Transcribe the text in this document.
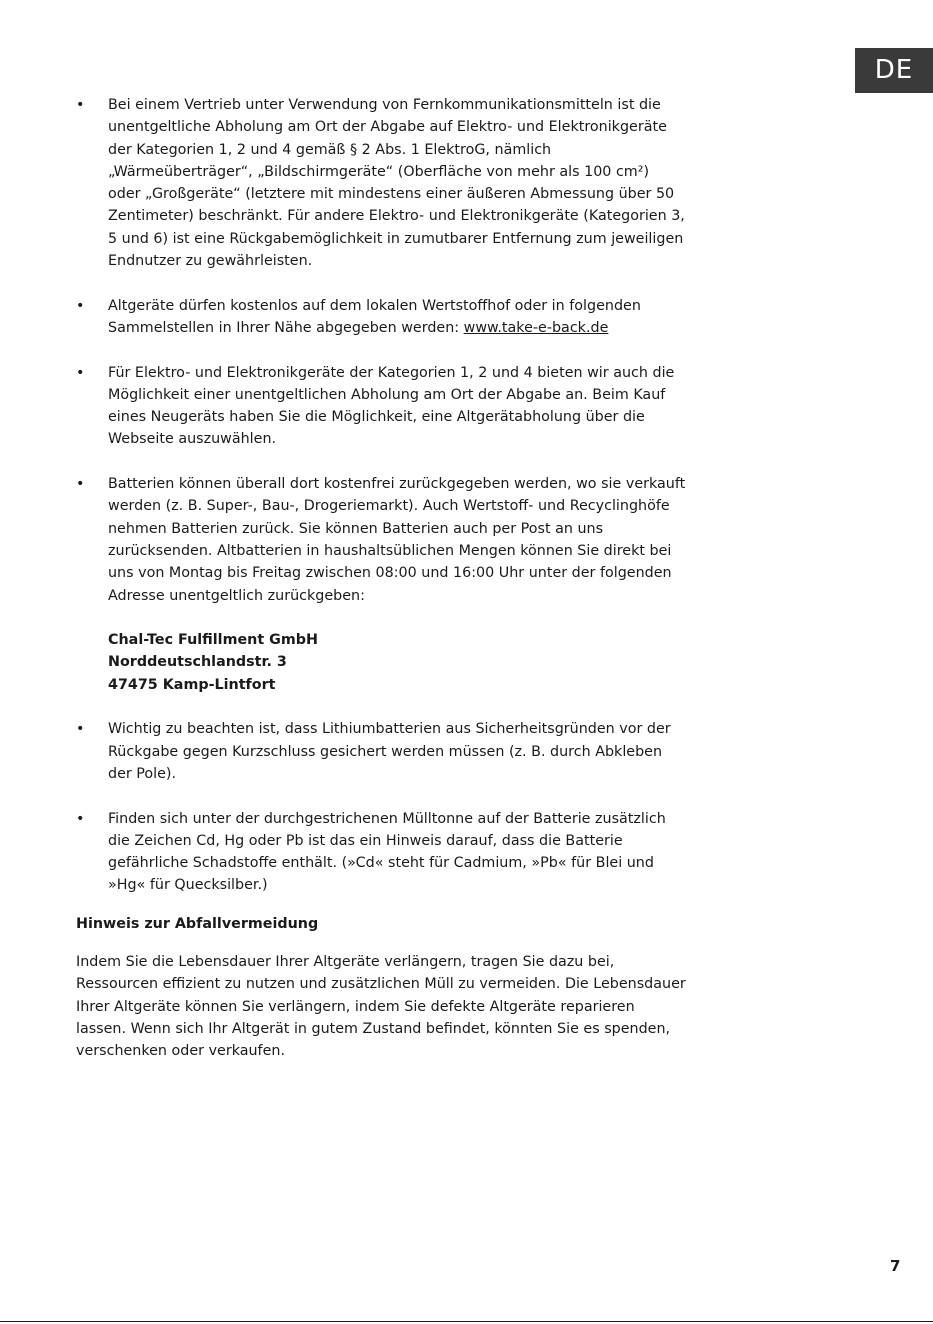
DE
• Bei einem Vertrieb unter Verwendung von Fernkommunikationsmitteln ist die unentgeltliche Abholung am Ort der Abgabe auf Elektro- und Elektronikgeräte der Kategorien 1, 2 und 4 gemäß § 2 Abs. 1 ElektroG, nämlich „Wärmeüberträger“, „Bildschirmgeräte“ (Oberfläche von mehr als 100 cm²) oder „Großgeräte“ (letztere mit mindestens einer äußeren Abmessung über 50 Zentimeter) beschränkt. Für andere Elektro- und Elektronikgeräte (Kategorien 3, 5 und 6) ist eine Rückgabemöglichkeit in zumutbarer Entfernung zum jeweiligen Endnutzer zu gewährleisten.

• Altgeräte dürfen kostenlos auf dem lokalen Wertstoffhof oder in folgenden Sammelstellen in Ihrer Nähe abgegeben werden: www.take-e-back.de

• Für Elektro- und Elektronikgeräte der Kategorien 1, 2 und 4 bieten wir auch die Möglichkeit einer unentgeltlichen Abholung am Ort der Abgabe an. Beim Kauf eines Neugeräts haben Sie die Möglichkeit, eine Altgerätabholung über die Webseite auszuwählen.

• Batterien können überall dort kostenfrei zurückgegeben werden, wo sie verkauft werden (z. B. Super-, Bau-, Drogeriemarkt). Auch Wertstoff- und Recyclinghöfe nehmen Batterien zurück. Sie können Batterien auch per Post an uns zurücksenden. Altbatterien in haushaltsüblichen Mengen können Sie direkt bei uns von Montag bis Freitag zwischen 08:00 und 16:00 Uhr unter der folgenden Adresse unentgeltlich zurückgeben:

Chal-Tec Fulfillment GmbH
Norddeutschlandstr. 3
47475 Kamp-Lintfort
• Wichtig zu beachten ist, dass Lithiumbatterien aus Sicherheitsgründen vor der Rückgabe gegen Kurzschluss gesichert werden müssen (z. B. durch Abkleben der Pole).

• Finden sich unter der durchgestrichenen Mülltonne auf der Batterie zusätzlich die Zeichen Cd, Hg oder Pb ist das ein Hinweis darauf, dass die Batterie gefährliche Schadstoffe enthält. (»Cd« steht für Cadmium, »Pb« für Blei und »Hg« für Quecksilber.)

Hinweis zur Abfallvermeidung

Indem Sie die Lebensdauer Ihrer Altgeräte verlängern, tragen Sie dazu bei, Ressourcen effizient zu nutzen und zusätzlichen Müll zu vermeiden. Die Lebensdauer Ihrer Altgeräte können Sie verlängern, indem Sie defekte Altgeräte reparieren lassen. Wenn sich Ihr Altgerät in gutem Zustand befindet, könnten Sie es spenden, verschenken oder verkaufen.

7
